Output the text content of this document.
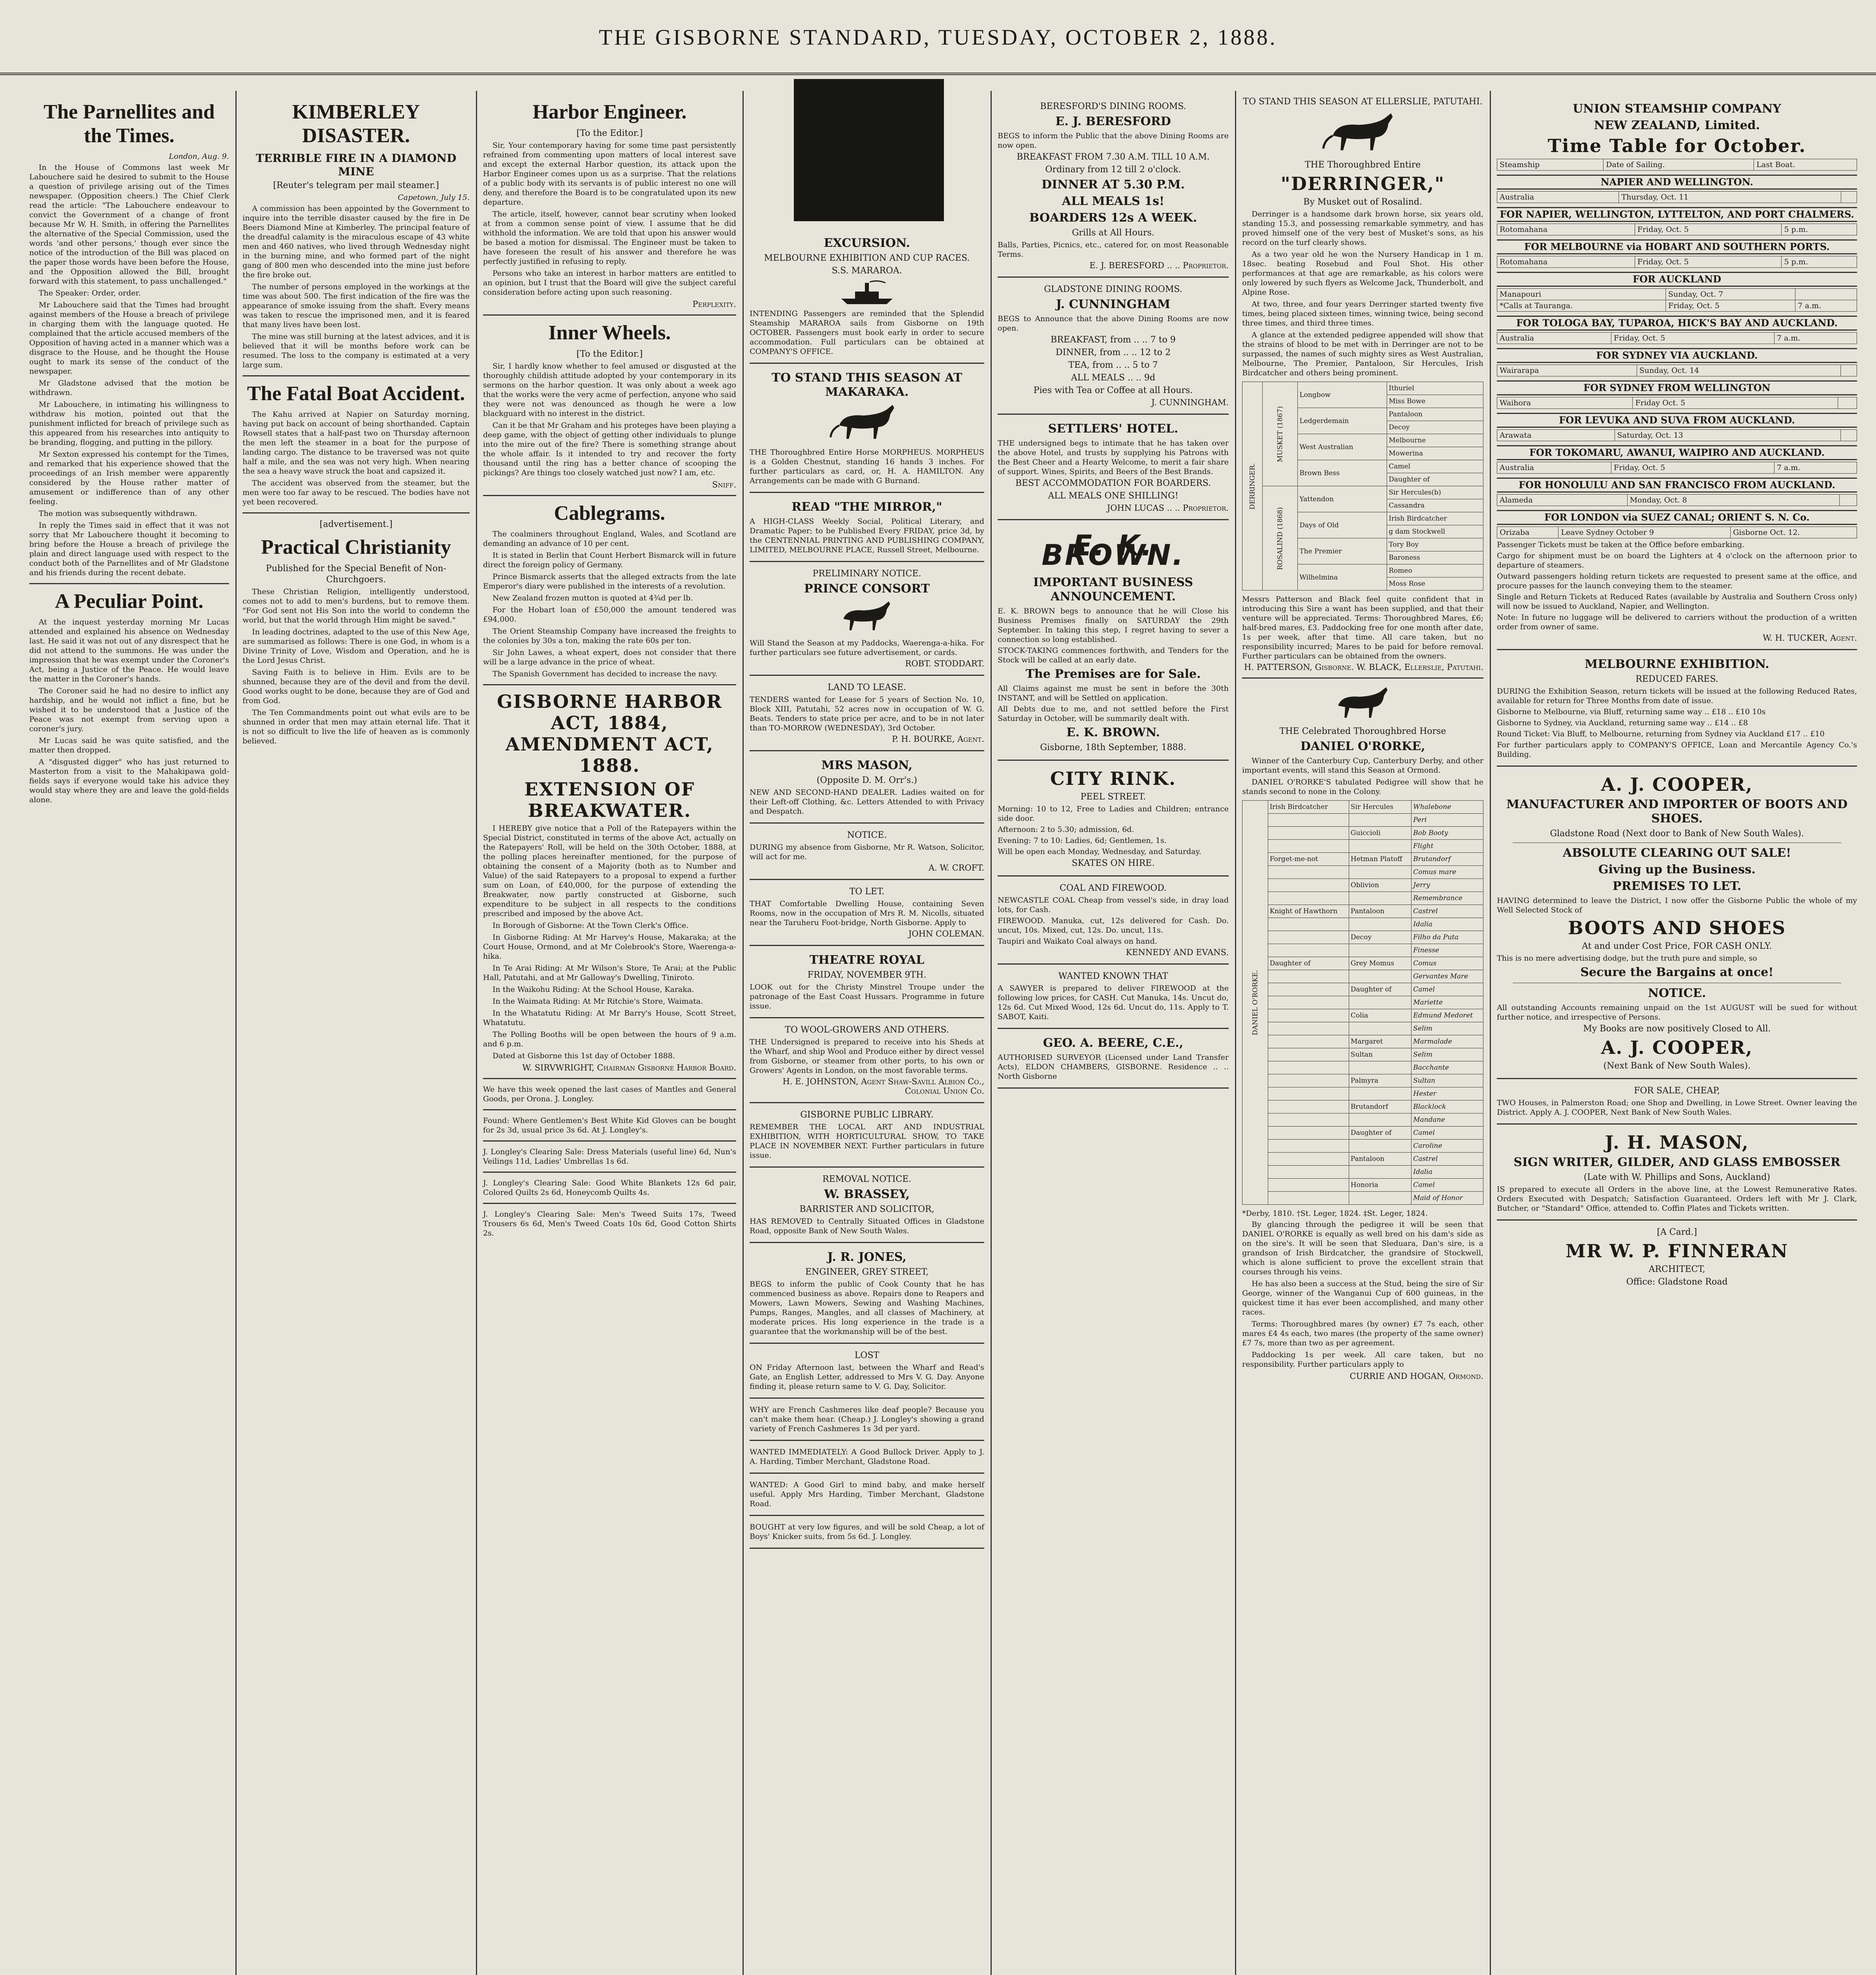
THE GISBORNE STANDARD, TUESDAY, OCTOBER 2, 1888.
The Parnellites and the Times.
London, Aug. 9.

In the House of Commons last week Mr Labouchere said he desired to submit to the House a question of privilege arising out of the Times newspaper. (Opposition cheers.) The Chief Clerk read the article: "The Labouchere endeavour to convict the Government of a change of front because Mr W. H. Smith, in offering the Parnellites the alternative of the Special Commission, used the words 'and other persons,' though ever since the notice of the introduction of the Bill was placed on the paper those words have been before the House, and the Opposition allowed the Bill, brought forward with this statement, to pass unchallenged."

The Speaker: Order, order.

Mr Labouchere said that the Times had brought against members of the House a breach of privilege in charging them with the language quoted. He complained that the article accused members of the Opposition of having acted in a manner which was a disgrace to the House, and he thought the House ought to mark its sense of the conduct of the newspaper.

Mr Gladstone advised that the motion be withdrawn.

Mr Labouchere, in intimating his willingness to withdraw his motion, pointed out that the punishment inflicted for breach of privilege such as this appeared from his researches into antiquity to be branding, flogging, and putting in the pillory.

Mr Sexton expressed his contempt for the Times, and remarked that his experience showed that the proceedings of an Irish member were apparently considered by the House rather matter of amusement or indifference than of any other feeling.

The motion was subsequently withdrawn.

In reply the Times said in effect that it was not sorry that Mr Labouchere thought it becoming to bring before the House a breach of privilege the plain and direct language used with respect to the conduct both of the Parnellites and of Mr Gladstone and his friends during the recent debate.

A Peculiar Point.

At the inquest yesterday morning Mr Lucas attended and explained his absence on Wednesday last. He said it was not out of any disrespect that he did not attend to the summons. He was under the impression that he was exempt under the Coroner's Act, being a Justice of the Peace. He would leave the matter in the Coroner's hands.

The Coroner said he had no desire to inflict any hardship, and he would not inflict a fine, but he wished it to be understood that a Justice of the Peace was not exempt from serving upon a coroner's jury.

Mr Lucas said he was quite satisfied, and the matter then dropped.

A "disgusted digger" who has just returned to Masterton from a visit to the Mahakipawa gold-fields says if everyone would take his advice they would stay where they are and leave the gold-fields alone.

KIMBERLEY DISASTER.
TERRIBLE FIRE IN A DIAMOND MINE
[Reuter's telegram per mail steamer.]
Capetown, July 15.

A commission has been appointed by the Government to inquire into the terrible disaster caused by the fire in De Beers Diamond Mine at Kimberley. The principal feature of the dreadful calamity is the miraculous escape of 43 white men and 460 natives, who lived through Wednesday night in the burning mine, and who formed part of the night gang of 800 men who descended into the mine just before the fire broke out.

The number of persons employed in the workings at the time was about 500. The first indication of the fire was the appearance of smoke issuing from the shaft. Every means was taken to rescue the imprisoned men, and it is feared that many lives have been lost.

The mine was still burning at the latest advices, and it is believed that it will be months before work can be resumed. The loss to the company is estimated at a very large sum.

The Fatal Boat Accident.

The Kahu arrived at Napier on Saturday morning, having put back on account of being shorthanded. Captain Rowsell states that a half-past two on Thursday afternoon the men left the steamer in a boat for the purpose of landing cargo. The distance to be traversed was not quite half a mile, and the sea was not very high. When nearing the sea a heavy wave struck the boat and capsized it.

The accident was observed from the steamer, but the men were too far away to be rescued. The bodies have not yet been recovered.

[advertisement.]
Practical Christianity
Published for the Special Benefit of Non-Churchgoers.

These Christian Religion, intelligently understood, comes not to add to men's burdens, but to remove them. "For God sent not His Son into the world to condemn the world, but that the world through Him might be saved."

In leading doctrines, adapted to the use of this New Age, are summarised as follows: There is one God, in whom is a Divine Trinity of Love, Wisdom and Operation, and he is the Lord Jesus Christ.

Saving Faith is to believe in Him. Evils are to be shunned, because they are of the devil and from the devil. Good works ought to be done, because they are of God and from God.

The Ten Commandments point out what evils are to be shunned in order that men may attain eternal life. That it is not so difficult to live the life of heaven as is commonly believed.

Harbor Engineer.
[To the Editor.]

Sir, Your contemporary having for some time past persistently refrained from commenting upon matters of local interest save and except the external Harbor question, its attack upon the Harbor Engineer comes upon us as a surprise. That the relations of a public body with its servants is of public interest no one will deny, and therefore the Board is to be congratulated upon its new departure.

The article, itself, however, cannot bear scrutiny when looked at from a common sense point of view. I assume that he did withhold the information. We are told that upon his answer would be based a motion for dismissal. The Engineer must be taken to have foreseen the result of his answer and therefore he was perfectly justified in refusing to reply.

Persons who take an interest in harbor matters are entitled to an opinion, but I trust that the Board will give the subject careful consideration before acting upon such reasoning.

Perplexity.
Inner Wheels.
[To the Editor.]

Sir, I hardly know whether to feel amused or disgusted at the thoroughly childish attitude adopted by your contemporary in its sermons on the harbor question. It was only about a week ago that the works were the very acme of perfection, anyone who said they were not was denounced as though he were a low blackguard with no interest in the district.

Can it be that Mr Graham and his proteges have been playing a deep game, with the object of getting other individuals to plunge into the mire out of the fire? There is something strange about the whole affair. Is it intended to try and recover the forty thousand until the ring has a better chance of scooping the pickings? Are things too closely watched just now? I am, etc.

Sniff.
Cablegrams.

The coalminers throughout England, Wales, and Scotland are demanding an advance of 10 per cent.

It is stated in Berlin that Count Herbert Bismarck will in future direct the foreign policy of Germany.

Prince Bismarck asserts that the alleged extracts from the late Emperor's diary were published in the interests of a revolution.

New Zealand frozen mutton is quoted at 4¾d per lb.

For the Hobart loan of £50,000 the amount tendered was £94,000.

The Orient Steamship Company have increased the freights to the colonies by 30s a ton, making the rate 60s per ton.

Sir John Lawes, a wheat expert, does not consider that there will be a large advance in the price of wheat.

The Spanish Government has decided to increase the navy.

GISBORNE HARBOR ACT, 1884, AMENDMENT ACT, 1888.
EXTENSION OF BREAKWATER.

I HEREBY give notice that a Poll of the Ratepayers within the Special District, constituted in terms of the above Act, actually on the Ratepayers' Roll, will be held on the 30th October, 1888, at the polling places hereinafter mentioned, for the purpose of obtaining the consent of a Majority (both as to Number and Value) of the said Ratepayers to a proposal to expend a further sum on Loan, of £40,000, for the purpose of extending the Breakwater, now partly constructed at Gisborne, such expenditure to be subject in all respects to the conditions prescribed and imposed by the above Act.

In Borough of Gisborne: At the Town Clerk's Office.

In Gisborne Riding: At Mr Harvey's House, Makaraka; at the Court House, Ormond, and at Mr Colebrook's Store, Waerenga-a-hika.

In Te Arai Riding: At Mr Wilson's Store, Te Arai; at the Public Hall, Patutahi, and at Mr Galloway's Dwelling, Tiniroto.

In the Waikohu Riding: At the School House, Karaka.

In the Waimata Riding: At Mr Ritchie's Store, Waimata.

In the Whatatutu Riding: At Mr Barry's House, Scott Street, Whatatutu.

The Polling Booths will be open between the hours of 9 a.m. and 6 p.m.

Dated at Gisborne this 1st day of October 1888.

W. SIRVWRIGHT, Chairman Gisborne Harbor Board.
We have this week opened the last cases of Mantles and General Goods, per Orona. J. Longley.
Found: Where Gentlemen's Best White Kid Gloves can be bought for 2s 3d, usual price 3s 6d. At J. Longley's.
J. Longley's Clearing Sale: Dress Materials (useful line) 6d, Nun's Veilings 11d, Ladies' Umbrellas 1s 6d.
J. Longley's Clearing Sale: Good White Blankets 12s 6d pair, Colored Quilts 2s 6d, Honeycomb Quilts 4s.
J. Longley's Clearing Sale: Men's Tweed Suits 17s, Tweed Trousers 6s 6d, Men's Tweed Coats 10s 6d, Good Cotton Shirts 2s.
EXCURSION.
MELBOURNE EXHIBITION AND CUP RACES.
S.S. MARAROA.
INTENDING Passengers are reminded that the Splendid Steamship MARAROA sails from Gisborne on 19th OCTOBER. Passengers must book early in order to secure accommodation. Full particulars can be obtained at COMPANY'S OFFICE.
TO STAND THIS SEASON AT MAKARAKA.
THE Thoroughbred Entire Horse MORPHEUS. MORPHEUS is a Golden Chestnut, standing 16 hands 3 inches. For further particulars as card, or, H. A. HAMILTON. Any Arrangements can be made with G Burnand.
READ "THE MIRROR,"
A HIGH-CLASS Weekly Social, Political Literary, and Dramatic Paper; to be Published Every FRIDAY, price 3d, by the CENTENNIAL PRINTING AND PUBLISHING COMPANY, LIMITED, MELBOURNE PLACE, Russell Street, Melbourne.
PRELIMINARY NOTICE.
PRINCE CONSORT
Will Stand the Season at my Paddocks, Waerenga-a-hika. For further particulars see future advertisement, or cards.
ROBT. STODDART.
LAND TO LEASE.
TENDERS wanted for Lease for 5 years of Section No. 10, Block XIII, Patutahi, 52 acres now in occupation of W. G. Beats. Tenders to state price per acre, and to be in not later than TO-MORROW (WEDNESDAY), 3rd October.
P. H. BOURKE, Agent.
MRS MASON,
(Opposite D. M. Orr's.)
NEW AND SECOND-HAND DEALER. Ladies waited on for their Left-off Clothing, &c. Letters Attended to with Privacy and Despatch.
NOTICE.
DURING my absence from Gisborne, Mr R. Watson, Solicitor, will act for me.
A. W. CROFT.
TO LET.
THAT Comfortable Dwelling House, containing Seven Rooms, now in the occupation of Mrs R. M. Nicolls, situated near the Taruheru Foot-bridge, North Gisborne. Apply to
JOHN COLEMAN.
THEATRE ROYAL
FRIDAY, NOVEMBER 9TH.
LOOK out for the Christy Minstrel Troupe under the patronage of the East Coast Hussars. Programme in future issue.
TO WOOL-GROWERS AND OTHERS.
THE Undersigned is prepared to receive into his Sheds at the Wharf, and ship Wool and Produce either by direct vessel from Gisborne, or steamer from other ports, to his own or Growers' Agents in London, on the most favorable terms.
H. E. JOHNSTON, Agent Shaw-Savill Albion Co., Colonial Union Co.
GISBORNE PUBLIC LIBRARY.
REMEMBER THE LOCAL ART AND INDUSTRIAL EXHIBITION, WITH HORTICULTURAL SHOW, TO TAKE PLACE IN NOVEMBER NEXT. Further particulars in future issue.
REMOVAL NOTICE.
W. BRASSEY,
BARRISTER AND SOLICITOR,
HAS REMOVED to Centrally Situated Offices in Gladstone Road, opposite Bank of New South Wales.
J. R. JONES,
ENGINEER, GREY STREET,
BEGS to inform the public of Cook County that he has commenced business as above. Repairs done to Reapers and Mowers, Lawn Mowers, Sewing and Washing Machines, Pumps, Ranges, Mangles, and all classes of Machinery, at moderate prices. His long experience in the trade is a guarantee that the workmanship will be of the best.
LOST
ON Friday Afternoon last, between the Wharf and Read's Gate, an English Letter, addressed to Mrs V. G. Day. Anyone finding it, please return same to V. G. Day, Solicitor.
WHY are French Cashmeres like deaf people? Because you can't make them hear. (Cheap.) J. Longley's showing a grand variety of French Cashmeres 1s 3d per yard.
WANTED IMMEDIATELY: A Good Bullock Driver. Apply to J. A. Harding, Timber Merchant, Gladstone Road.
WANTED: A Good Girl to mind baby, and make herself useful. Apply Mrs Harding, Timber Merchant, Gladstone Road.
BOUGHT at very low figures, and will be sold Cheap, a lot of Boys' Knicker suits, from 5s 6d. J. Longley.
BERESFORD'S DINING ROOMS.
E. J. BERESFORD
BEGS to inform the Public that the above Dining Rooms are now open.
BREAKFAST FROM 7.30 A.M. TILL 10 A.M.
Ordinary from 12 till 2 o'clock.
DINNER AT 5.30 P.M.
ALL MEALS 1s!
BOARDERS 12s A WEEK.
Grills at All Hours.
Balls, Parties, Picnics, etc., catered for, on most Reasonable Terms.
E. J. BERESFORD .. .. Proprietor.
GLADSTONE DINING ROOMS.
J. CUNNINGHAM
BEGS to Announce that the above Dining Rooms are now open.
BREAKFAST, from .. .. 7 to 9
DINNER, from .. .. 12 to 2
TEA, from .. .. 5 to 7
ALL MEALS .. .. 9d
Pies with Tea or Coffee at all Hours.
J. CUNNINGHAM.
SETTLERS' HOTEL.
THE undersigned begs to intimate that he has taken over the above Hotel, and trusts by supplying his Patrons with the Best Cheer and a Hearty Welcome, to merit a fair share of support. Wines, Spirits, and Beers of the Best Brands.
BEST ACCOMMODATION FOR BOARDERS.
ALL MEALS ONE SHILLING!
JOHN LUCAS .. .. Proprietor.
E. K. BROWN.
IMPORTANT BUSINESS ANNOUNCEMENT.
E. K. BROWN begs to announce that he will Close his Business Premises finally on SATURDAY the 29th September. In taking this step, I regret having to sever a connection so long established.
STOCK-TAKING commences forthwith, and Tenders for the Stock will be called at an early date.
The Premises are for Sale.
All Claims against me must be sent in before the 30th INSTANT, and will be Settled on application.
All Debts due to me, and not settled before the First Saturday in October, will be summarily dealt with.
E. K. BROWN.
Gisborne, 18th September, 1888.
CITY RINK.
PEEL STREET.
Morning: 10 to 12, Free to Ladies and Children; entrance side door.
Afternoon: 2 to 5.30; admission, 6d.
Evening: 7 to 10: Ladies, 6d; Gentlemen, 1s.
Will be open each Monday, Wednesday, and Saturday.
SKATES ON HIRE.
COAL AND FIREWOOD.
NEWCASTLE COAL Cheap from vessel's side, in dray load lots, for Cash.
FIREWOOD. Manuka, cut, 12s delivered for Cash. Do. uncut, 10s. Mixed, cut, 12s. Do. uncut, 11s.
Taupiri and Waikato Coal always on hand.
KENNEDY AND EVANS.
WANTED KNOWN THAT
A SAWYER is prepared to deliver FIREWOOD at the following low prices, for CASH. Cut Manuka, 14s. Uncut do, 12s 6d. Cut Mixed Wood, 12s 6d. Uncut do, 11s. Apply to T. SABOT, Kaiti.
GEO. A. BEERE, C.E.,
AUTHORISED SURVEYOR (Licensed under Land Transfer Acts), ELDON CHAMBERS, GISBORNE. Residence .. .. North Gisborne
TO STAND THIS SEASON AT ELLERSLIE, PATUTAHI.
THE Thoroughbred Entire
"DERRINGER,"
By Musket out of Rosalind.

Derringer is a handsome dark brown horse, six years old, standing 15.3, and possessing remarkable symmetry, and has proved himself one of the very best of Musket's sons, as his record on the turf clearly shows.

As a two year old he won the Nursery Handicap in 1 m. 18sec. beating Rosebud and Foul Shot. His other performances at that age are remarkable, as his colors were only lowered by such flyers as Welcome Jack, Thunderbolt, and Alpine Rose.

At two, three, and four years Derringer started twenty five times, being placed sixteen times, winning twice, being second three times, and third three times.

A glance at the extended pedigree appended will show that the strains of blood to be met with in Derringer are not to be surpassed, the names of such mighty sires as West Australian, Melbourne, The Premier, Pantaloon, Sir Hercules, Irish Birdcatcher and others being prominent.

DERRINGER.	MUSKET (1867)	Longbow	Ithuriel
			Miss Bowe
		Ledgerdemain	Pantaloon
			Decoy
		West Australian	Melbourne
			Mowerina
		Brown Bess	Camel
			Daughter of
	ROSALIND (1868)	Yattendon	Sir Hercules(b)
			Cassandra
		Days of Old	Irish Birdcatcher
			g dam Stockwell
		The Premier	Tory Boy
			Baroness
		Wilhelmina	Romeo
			Moss Rose
Messrs Patterson and Black feel quite confident that in introducing this Sire a want has been supplied, and that their venture will be appreciated. Terms: Thoroughbred Mares, £6; half-bred mares, £3. Paddocking free for one month after date, 1s per week, after that time. All care taken, but no responsibility incurred; Mares to be paid for before removal. Further particulars can be obtained from the owners.
H. PATTERSON, Gisborne. W. BLACK, Ellerslie, Patutahi.
THE Celebrated Thoroughbred Horse
DANIEL O'RORKE,

Winner of the Canterbury Cup, Canterbury Derby, and other important events, will stand this Season at Ormond.

DANIEL O'RORKE'S tabulated Pedigree will show that he stands second to none in the Colony.

DANIEL O'RORKE.	Irish Birdcatcher	Sir Hercules	Whalebone
			Peri
		Guiccioli	Bob Booty
			Flight
	Forget-me-not	Hetman Platoff	Brutandorf
			Comus mare
		Oblivion	Jerry
			Remembrance
	Knight of Hawthorn	Pantaloon	Castrel
			Idalia
		Decoy	Filho da Puta
			Finesse
	Daughter of	Grey Momus	Comus
			Gervantes Mare
		Daughter of	Camel
			Mariette
		Colia	Edmund Medoret
			Selim
		Margaret	Marmalade
		Sultan	Selim
			Bacchante
		Palmyra	Sultan
			Hester
		Brutandorf	Blacklock
			Mandane
		Daughter of	Camel
			Caroline
		Pantaloon	Castrel
			Idalia
		Honoria	Camel
			Maid of Honor
*Derby, 1810. †St. Leger, 1824. ‡St. Leger, 1824.

By glancing through the pedigree it will be seen that DANIEL O'RORKE is equally as well bred on his dam's side as on the sire's. It will be seen that Sleduara, Dan's sire, is a grandson of Irish Birdcatcher, the grandsire of Stockwell, which is alone sufficient to prove the excellent strain that courses through his veins.

He has also been a success at the Stud, being the sire of Sir George, winner of the Wanganui Cup of 600 guineas, in the quickest time it has ever been accomplished, and many other races.

Terms: Thoroughbred mares (by owner) £7 7s each, other mares £4 4s each, two mares (the property of the same owner) £7 7s, more than two as per agreement.

Paddocking 1s per week. All care taken, but no responsibility. Further particulars apply to

CURRIE AND HOGAN, Ormond.
UNION STEAMSHIP COMPANY
NEW ZEALAND, Limited.
Time Table for October.
Steamship	Date of Sailing.	Last Boat.
NAPIER AND WELLINGTON.
Australia	Thursday, Oct. 11	
FOR NAPIER, WELLINGTON, LYTTELTON, AND PORT CHALMERS.
Rotomahana	Friday, Oct. 5	5 p.m.
FOR MELBOURNE via HOBART AND SOUTHERN PORTS.
Rotomahana	Friday, Oct. 5	5 p.m.
FOR AUCKLAND
Manapouri	Sunday, Oct. 7	
*Calls at Tauranga.	Friday, Oct. 5	7 a.m.
FOR TOLOGA BAY, TUPAROA, HICK'S BAY AND AUCKLAND.
Australia	Friday, Oct. 5	7 a.m.
FOR SYDNEY VIA AUCKLAND.
Wairarapa	Sunday, Oct. 14	
FOR SYDNEY FROM WELLINGTON
Waihora	Friday Oct. 5	
FOR LEVUKA AND SUVA FROM AUCKLAND.
Arawata	Saturday, Oct. 13	
FOR TOKOMARU, AWANUI, WAIPIRO AND AUCKLAND.
Australia	Friday, Oct. 5	7 a.m.
FOR HONOLULU AND SAN FRANCISCO FROM AUCKLAND.
Alameda	Monday, Oct. 8	
FOR LONDON via SUEZ CANAL; ORIENT S. N. Co.
Orizaba	Leave Sydney October 9	Gisborne Oct. 12.
Passenger Tickets must be taken at the Office before embarking.
Cargo for shipment must be on board the Lighters at 4 o'clock on the afternoon prior to departure of steamers.
Outward passengers holding return tickets are requested to present same at the office, and procure passes for the launch conveying them to the steamer.
Single and Return Tickets at Reduced Rates (available by Australia and Southern Cross only) will now be issued to Auckland, Napier, and Wellington.
Note: In future no luggage will be delivered to carriers without the production of a written order from owner of same.
W. H. TUCKER, Agent.
MELBOURNE EXHIBITION.
REDUCED FARES.
DURING the Exhibition Season, return tickets will be issued at the following Reduced Rates, available for return for Three Months from date of issue.
Gisborne to Melbourne, via Bluff, returning same way .. £18 .. £10 10s
Gisborne to Sydney, via Auckland, returning same way .. £14 .. £8
Round Ticket: Via Bluff, to Melbourne, returning from Sydney via Auckland £17 .. £10
For further particulars apply to COMPANY'S OFFICE, Loan and Mercantile Agency Co.'s Building.
A. J. COOPER,
MANUFACTURER AND IMPORTER OF BOOTS AND SHOES.
Gladstone Road (Next door to Bank of New South Wales).
ABSOLUTE CLEARING OUT SALE!
Giving up the Business.
PREMISES TO LET.
HAVING determined to leave the District, I now offer the Gisborne Public the whole of my Well Selected Stock of
BOOTS AND SHOES
At and under Cost Price, FOR CASH ONLY.
This is no mere advertising dodge, but the truth pure and simple, so
Secure the Bargains at once!
NOTICE.
All outstanding Accounts remaining unpaid on the 1st AUGUST will be sued for without further notice, and irrespective of Persons.
My Books are now positively Closed to All.
A. J. COOPER,
(Next Bank of New South Wales).
FOR SALE, CHEAP,
TWO Houses, in Palmerston Road; one Shop and Dwelling, in Lowe Street. Owner leaving the District. Apply A. J. COOPER, Next Bank of New South Wales.
J. H. MASON,
SIGN WRITER, GILDER, AND GLASS EMBOSSER
(Late with W. Phillips and Sons, Auckland)
IS prepared to execute all Orders in the above line, at the Lowest Remunerative Rates. Orders Executed with Despatch; Satisfaction Guaranteed. Orders left with Mr J. Clark, Butcher, or "Standard" Office, attended to. Coffin Plates and Tickets written.
[A Card.]
MR W. P. FINNERAN
ARCHITECT,
Office: Gladstone Road
